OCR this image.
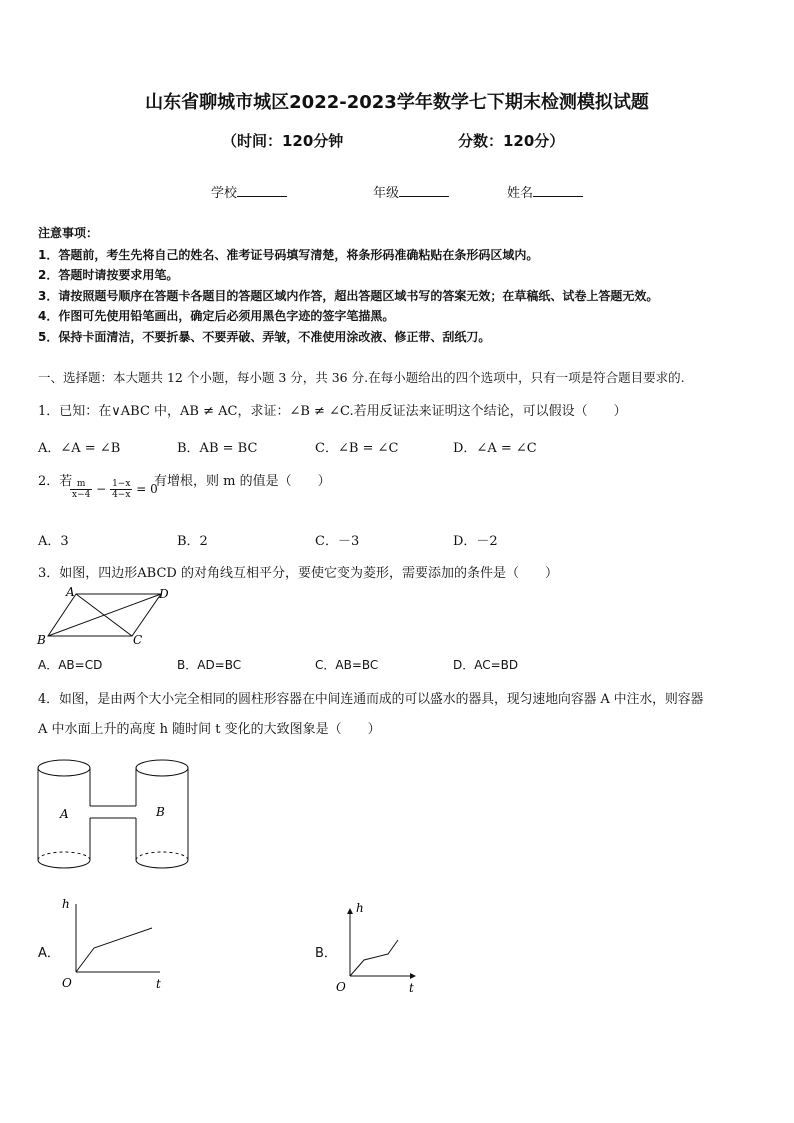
山东省聊城市城区2022-2023学年数学七下期末检测模拟试题
（时间：120分钟	分数：120分）
学校	年级	姓名
注意事项：
1．答题前，考生先将自己的姓名、准考证号码填写清楚，将条形码准确粘贴在条形码区域内。
2．答题时请按要求用笔。
3．请按照题号顺序在答题卡各题目的答题区域内作答，超出答题区域书写的答案无效；在草稿纸、试卷上答题无效。
4．作图可先使用铅笔画出，确定后必须用黑色字迹的签字笔描黑。
5．保持卡面清洁，不要折暴、不要弄破、弄皱，不准使用涂改液、修正带、刮纸刀。
一、选择题：本大题共 12 个小题，每小题 3 分，共 36 分.在每小题给出的四个选项中，只有一项是符合题目要求的.
1．已知：在∨ABC 中，AB ≠ AC，求证：∠B ≠ ∠C.若用反证法来证明这个结论，可以假设（　　）
A．∠A = ∠B	B．AB = BC	C．∠B = ∠C	D．∠A = ∠C
2．若
$\frac{m}{x-4} - \frac{1-x}{4-x} = 0$
有增根，则 m 的值是（　　）
A．3	B．2	C．－3	D．－2
3．如图，四边形ABCD 的对角线互相平分，要使它变为菱形，需要添加的条件是（　　）
A	D
B	C
A．AB=CD	B．AD=BC	C．AB=BC	D．AC=BD
4．如图，是由两个大小完全相同的圆柱形容器在中间连通而成的可以盛水的器具，现匀速地向容器 A 中注水，则容器
A 中水面上升的高度 h 随时间 t 变化的大致图象是（　　）
A	B
A．
h
t
O
B．
h
t
O
